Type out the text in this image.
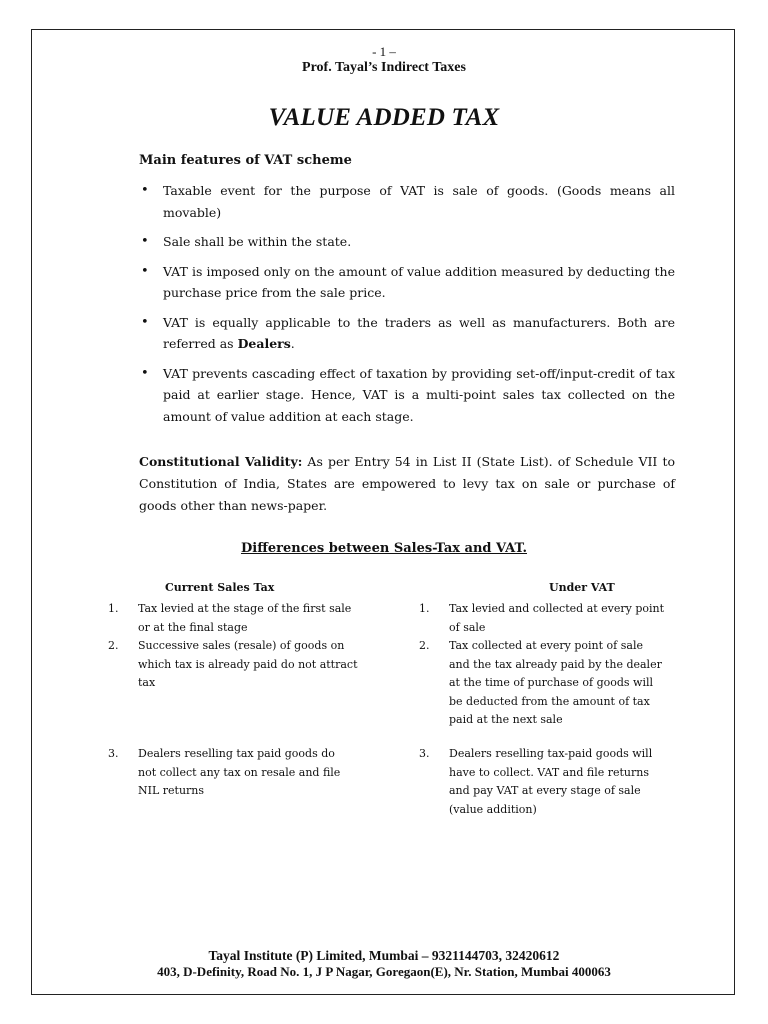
- 1 –
Prof. Tayal’s Indirect Taxes
VALUE ADDED TAX
Main features of VAT scheme
• Taxable event for the purpose of VAT is sale of goods. (Goods means all movable)
• Sale shall be within the state.
• VAT is imposed only on the amount of value addition measured by deducting the purchase price from the sale price.
• VAT is equally applicable to the traders as well as manufacturers. Both are referred as Dealers.
• VAT prevents cascading effect of taxation by providing set-off/input-credit of tax paid at earlier stage. Hence, VAT is a multi-point sales tax collected on the amount of value addition at each stage.

Constitutional Validity: As per Entry 54 in List II (State List). of Schedule VII to Constitution of India, States are empowered to levy tax on sale or purchase of goods other than news-paper.

Differences between Sales-Tax and VAT.
Current Sales Tax	Under VAT
1. Tax levied at the stage of the first sale
or at the final stage
2. Successive sales (resale) of goods on
which tax is already paid do not attract
tax
3. Dealers reselling tax paid goods do
not collect any tax on resale and file
NIL returns
1. Tax levied and collected at every point
of sale
2. Tax collected at every point of sale
and the tax already paid by the dealer
at the time of purchase of goods will
be deducted from the amount of tax
paid at the next sale
3. Dealers reselling tax-paid goods will
have to collect. VAT and file returns
and pay VAT at every stage of sale
(value addition)
Tayal Institute (P) Limited, Mumbai – 9321144703, 32420612
403, D-Definity, Road No. 1, J P Nagar, Goregaon(E), Nr. Station, Mumbai 400063
